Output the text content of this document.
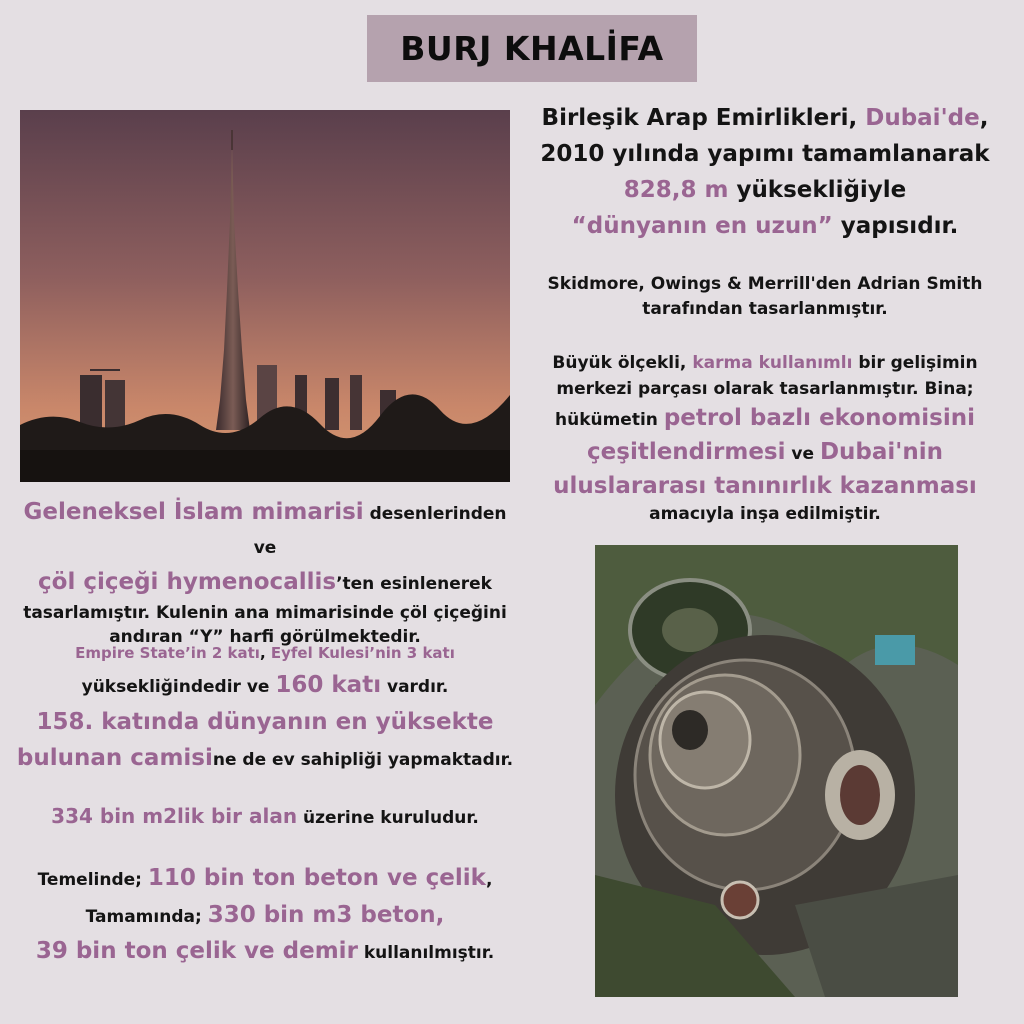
BURJ KHALİFA
Birleşik Arap Emirlikleri, Dubai'de,
2010 yılında yapımı tamamlanarak
828,8 m yüksekliğiyle
“dünyanın en uzun” yapısıdır.
Skidmore, Owings & Merrill'den Adrian Smith
tarafından tasarlanmıştır.
Büyük ölçekli, karma kullanımlı bir gelişimin
merkezi parçası olarak tasarlanmıştır. Bina;
hükümetin petrol bazlı ekonomisini
çeşitlendirmesi ve Dubai'nin
uluslararası tanınırlık kazanması
amacıyla inşa edilmiştir.
Geleneksel İslam mimarisi desenlerinden ve
çöl çiçeği hymenocallis’ten esinlenerek
tasarlamıştır. Kulenin ana mimarisinde çöl çiçeğini
andıran “Y” harfi görülmektedir.
Empire State’in 2 katı, Eyfel Kulesi’nin 3 katı
yüksekliğindedir ve 160 katı vardır.
158. katında dünyanın en yüksekte
bulunan camisine de ev sahipliği yapmaktadır.
334 bin m2lik bir alan üzerine kuruludur.
Temelinde; 110 bin ton beton ve çelik,
Tamamında; 330 bin m3 beton,
39 bin ton çelik ve demir kullanılmıştır.
